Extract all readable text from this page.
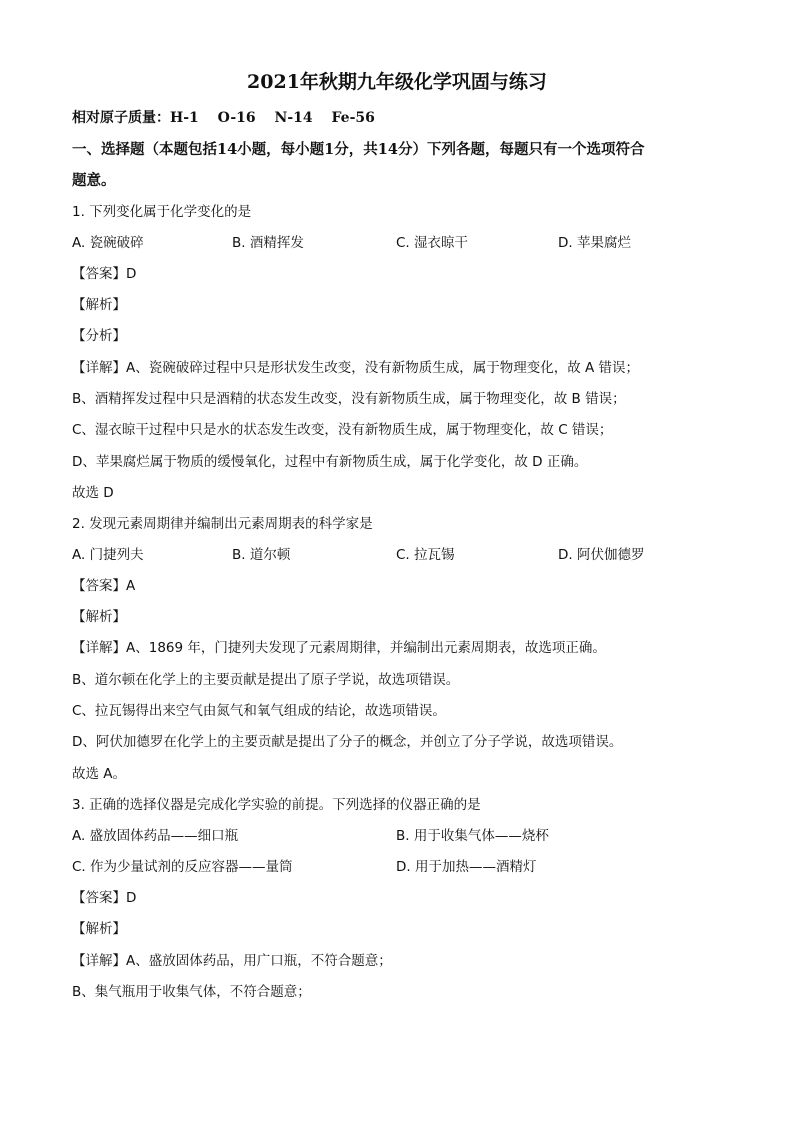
2021年秋期九年级化学巩固与练习
相对原子质量：H-1　 O-16　 N-14　 Fe-56
一、选择题（本题包括14小题，每小题1分，共14分）下列各题，每题只有一个选项符合
题意。
1. 下列变化属于化学变化的是
A. 瓷碗破碎	B. 酒精挥发	C. 湿衣晾干	D. 苹果腐烂
【答案】D
【解析】
【分析】
【详解】A、瓷碗破碎过程中只是形状发生改变，没有新物质生成，属于物理变化，故 A 错误；
B、酒精挥发过程中只是酒精的状态发生改变，没有新物质生成，属于物理变化，故 B 错误；
C、湿衣晾干过程中只是水的状态发生改变，没有新物质生成，属于物理变化，故 C 错误；
D、苹果腐烂属于物质的缓慢氧化，过程中有新物质生成，属于化学变化，故 D 正确。
故选 D
2. 发现元素周期律并编制出元素周期表的科学家是
A. 门捷列夫	B. 道尔顿	C. 拉瓦锡	D. 阿伏伽德罗
【答案】A
【解析】
【详解】A、1869 年，门捷列夫发现了元素周期律，并编制出元素周期表，故选项正确。
B、道尔顿在化学上的主要贡献是提出了原子学说，故选项错误。
C、拉瓦锡得出来空气由氮气和氧气组成的结论，故选项错误。
D、阿伏加德罗在化学上的主要贡献是提出了分子的概念，并创立了分子学说，故选项错误。
故选 A。
3. 正确的选择仪器是完成化学实验的前提。下列选择的仪器正确的是
A. 盛放固体药品——细口瓶	B. 用于收集气体——烧杯
C. 作为少量试剂的反应容器——量筒	D. 用于加热——酒精灯
【答案】D
【解析】
【详解】A、盛放固体药品，用广口瓶，不符合题意；
B、集气瓶用于收集气体，不符合题意；
